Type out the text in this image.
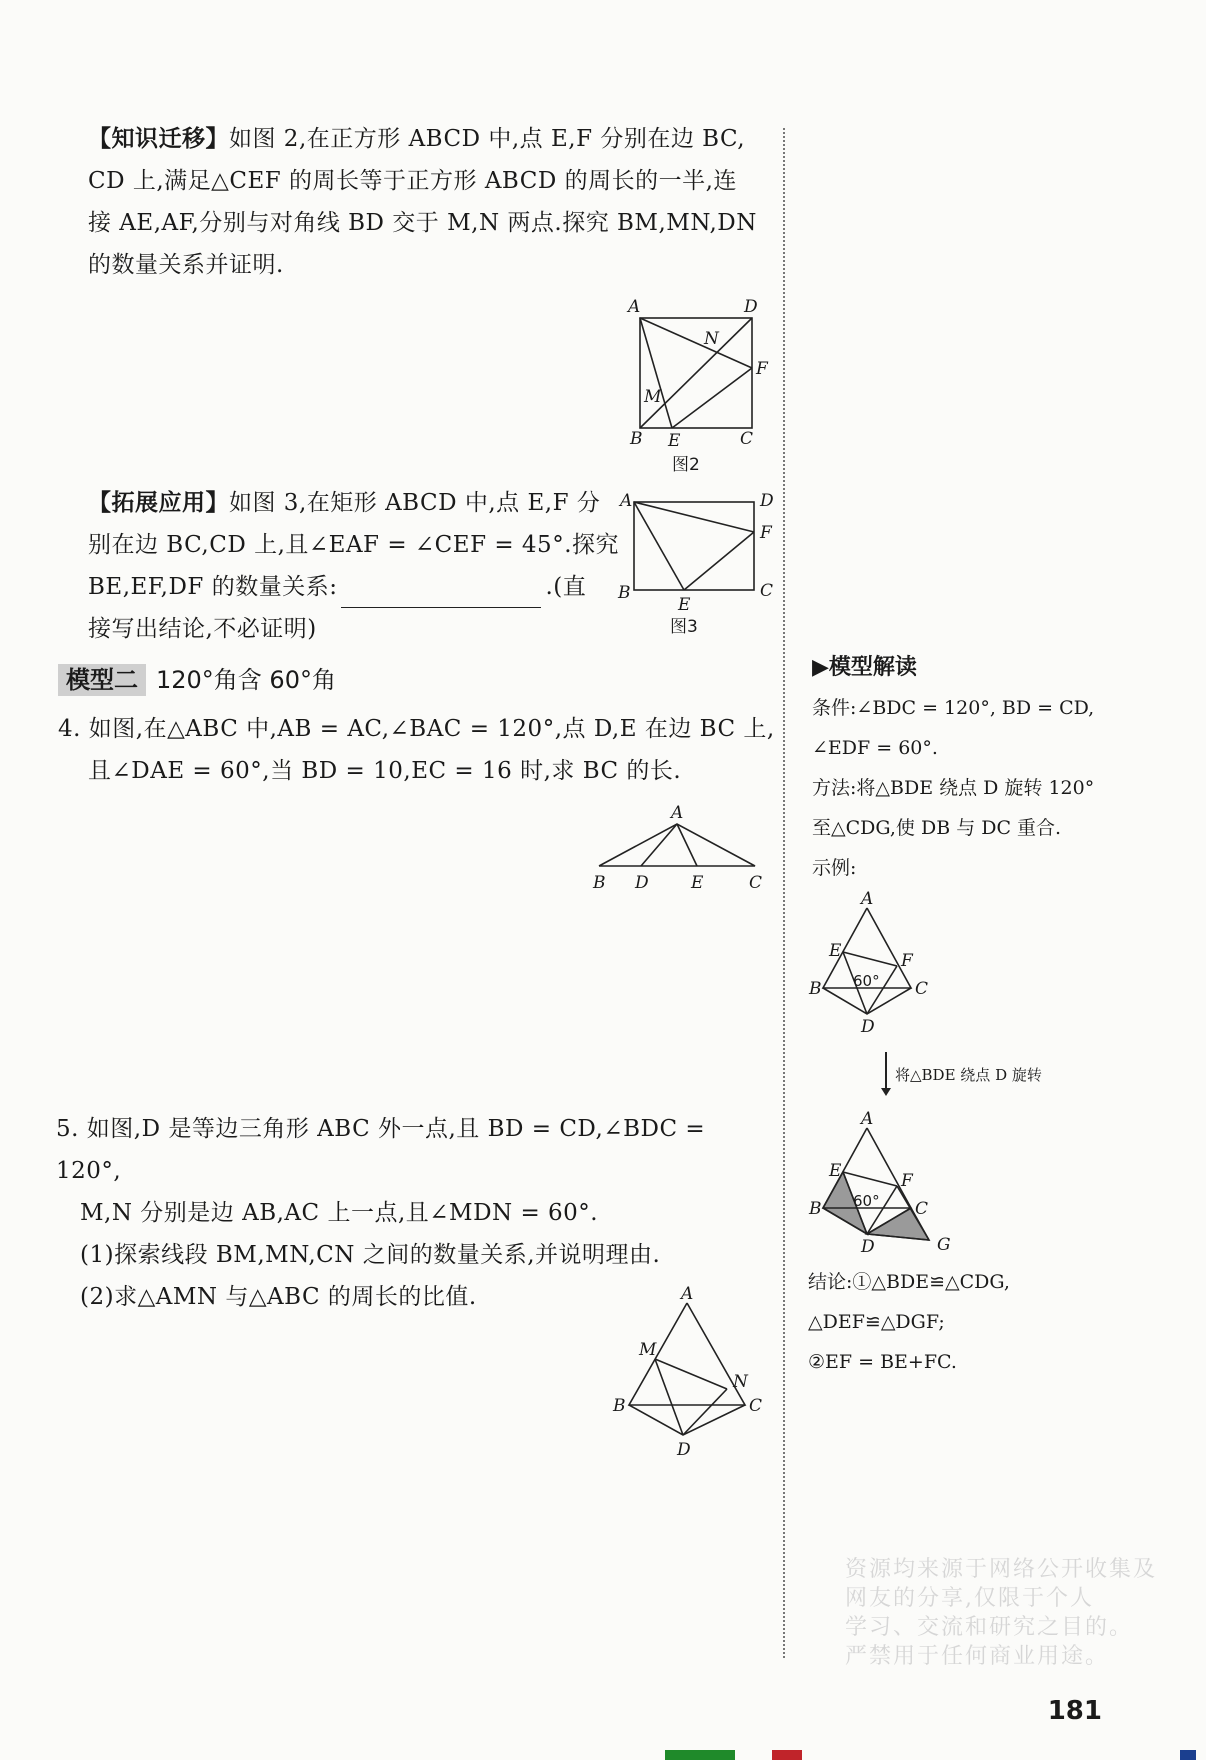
【知识迁移】如图 2,在正方形 ABCD 中,点 E,F 分别在边 BC,
CD 上,满足△CEF 的周长等于正方形 ABCD 的周长的一半,连
接 AE,AF,分别与对角线 BD 交于 M,N 两点.探究 BM,MN,DN
的数量关系并证明.
A	D
N
F
M
B E	C
图2
【拓展应用】如图 3,在矩形 ABCD 中,点 E,F 分
别在边 BC,CD 上,且∠EAF = ∠CEF = 45°.探究
BE,EF,DF 的数量关系:	.(直
接写出结论,不必证明)
A	D
F
B
E
C
图3
模型二 120°角含 60°角
4. 如图,在△ABC 中,AB = AC,∠BAC = 120°,点 D,E 在边 BC 上,
且∠DAE = 60°,当 BD = 10,EC = 16 时,求 BC 的长.
A
B D E	C
5. 如图,D 是等边三角形 ABC 外一点,且 BD = CD,∠BDC = 120°,
M,N 分别是边 AB,AC 上一点,且∠MDN = 60°.
(1)探索线段 BM,MN,CN 之间的数量关系,并说明理由.
(2)求△AMN 与△ABC 的周长的比值.	A
M
N
B	C
D
▶模型解读
条件:∠BDC = 120°, BD = CD,
∠EDF = 60°.
方法:将△BDE 绕点 D 旋转 120°
至△CDG,使 DB 与 DC 重合.
示例:
A
E	F
B	C
D
60°
将△BDE 绕点 D 旋转
A
E	F
B	C
D	G
60°
结论:①△BDE≌△CDG,
△DEF≌△DGF;
②EF = BE+FC.
资源均来源于网络公开收集及
网友的分享,仅限于个人
学习、交流和研究之目的。
严禁用于任何商业用途。
181
